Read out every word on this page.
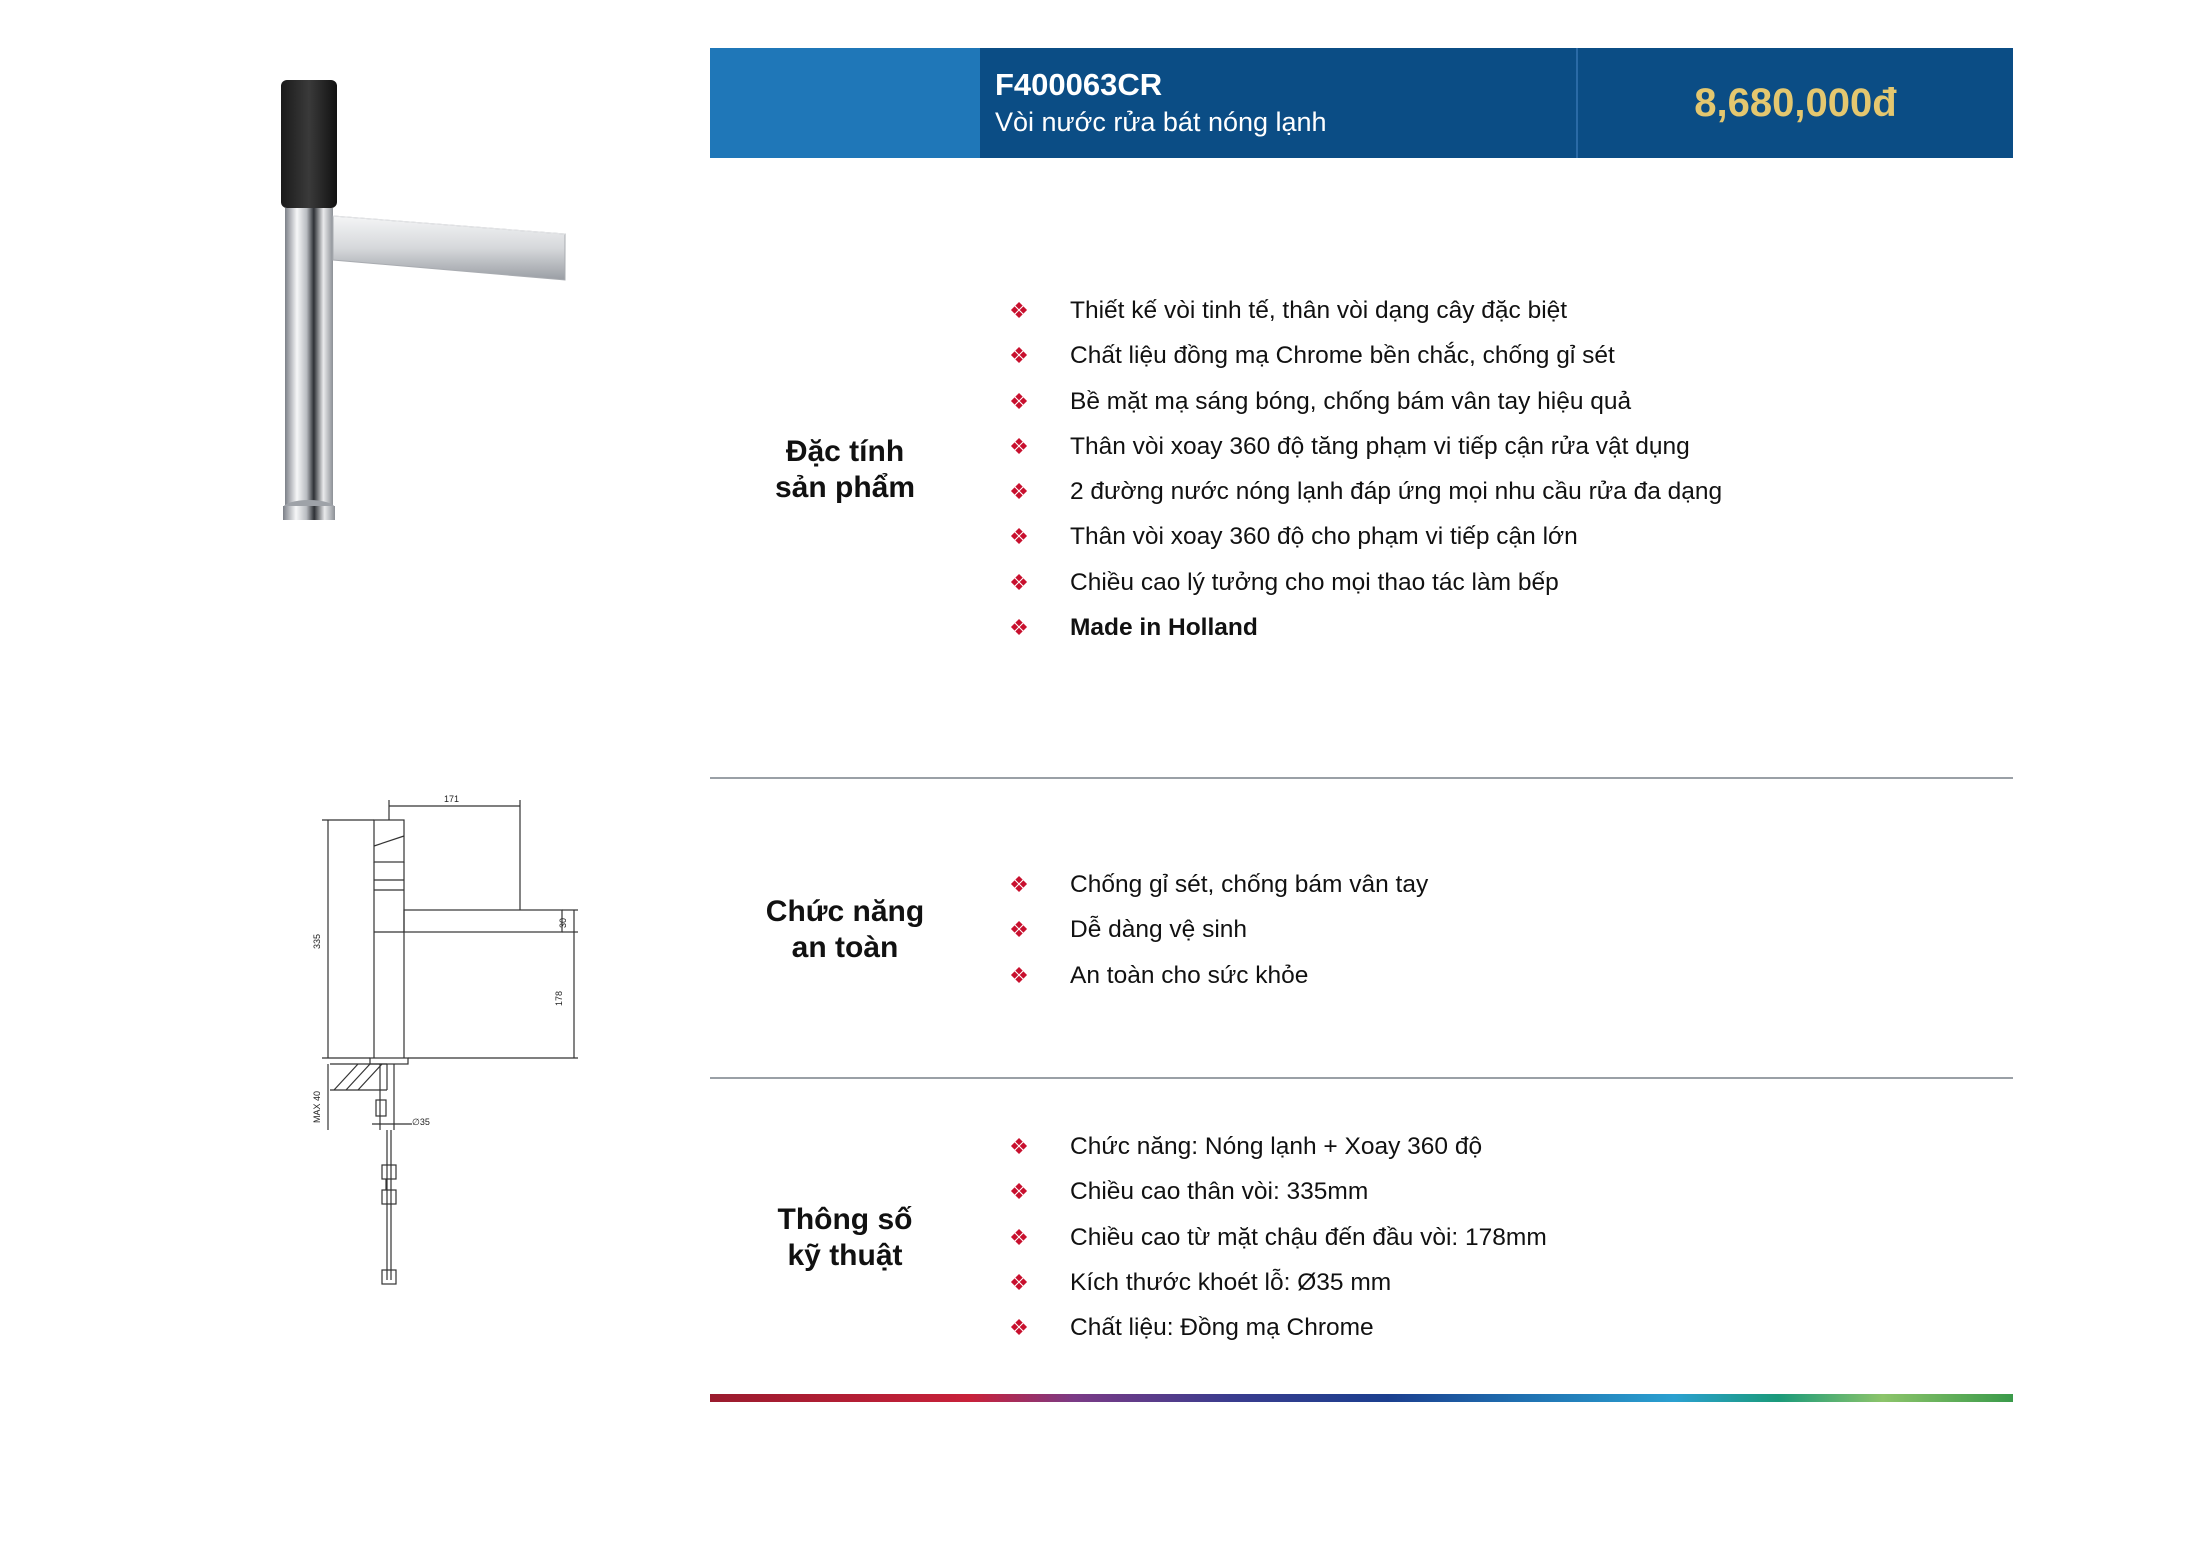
171
335
30
178
MAX 40	∅35
F400063CR
Vòi nước rửa bát nóng lạnh	8,680,000đ
Đặc tính
sản phẩm
❖ Thiết kế vòi tinh tế, thân vòi dạng cây đặc biệt
❖ Chất liệu đồng mạ Chrome bền chắc, chống gỉ sét
❖ Bề mặt mạ sáng bóng, chống bám vân tay hiệu quả
❖ Thân vòi xoay 360 độ tăng phạm vi tiếp cận rửa vật dụng
❖ 2 đường nước nóng lạnh đáp ứng mọi nhu cầu rửa đa dạng
❖ Thân vòi xoay 360 độ cho phạm vi tiếp cận lớn
❖ Chiều cao lý tưởng cho mọi thao tác làm bếp
❖ Made in Holland
Chức năng
an toàn
❖ Chống gỉ sét, chống bám vân tay
❖ Dễ dàng vệ sinh
❖ An toàn cho sức khỏe
Thông số
kỹ thuật
❖ Chức năng: Nóng lạnh + Xoay 360 độ
❖ Chiều cao thân vòi: 335mm
❖ Chiều cao từ mặt chậu đến đầu vòi: 178mm
❖ Kích thước khoét lỗ: Ø35 mm
❖ Chất liệu: Đồng mạ Chrome
